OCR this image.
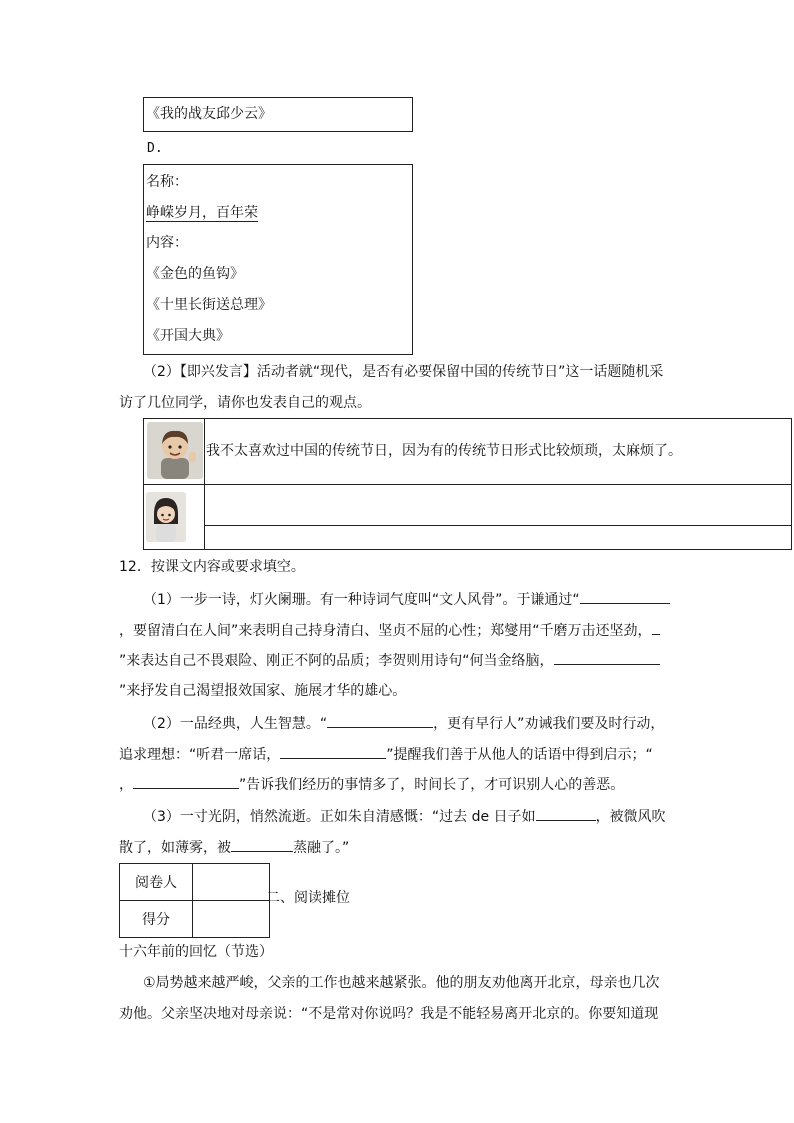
《我的战友邱少云》
D.
名称：
峥嵘岁月，百年荣
内容：
《金色的鱼钩》
《十里长街送总理》
《开国大典》
（2）【即兴发言】活动者就“现代，是否有必要保留中国的传统节日”这一话题随机采
访了几位同学，请你也发表自己的观点。
我不太喜欢过中国的传统节日，因为有的传统节日形式比较烦琐，太麻烦了。
12．按课文内容或要求填空。
（1）一步一诗，灯火阑珊。有一种诗词气度叫“文人风骨”。于谦通过“
，要留清白在人间”来表明自己持身清白、坚贞不屈的心性；郑燮用“千磨万击还坚劲，
”来表达自己不畏艰险、刚正不阿的品质；李贺则用诗句“何当金络脑，
”来抒发自己渴望报效国家、施展才华的雄心。
（2）一品经典，人生智慧。“	，更有早行人”劝诫我们要及时行动，
追求理想：“听君一席话，	”提醒我们善于从他人的话语中得到启示；“
，	”告诉我们经历的事情多了，时间长了，才可识别人心的善恶。
（3）一寸光阴，悄然流逝。正如朱自清感慨：“过去 de 日子如	，被微风吹
散了，如薄雾，被	蒸融了。”
阅卷人	
得分	
二、阅读摊位
十六年前的回忆（节选）
①局势越来越严峻，父亲的工作也越来越紧张。他的朋友劝他离开北京，母亲也几次
劝他。父亲坚决地对母亲说：“不是常对你说吗？我是不能轻易离开北京的。你要知道现
